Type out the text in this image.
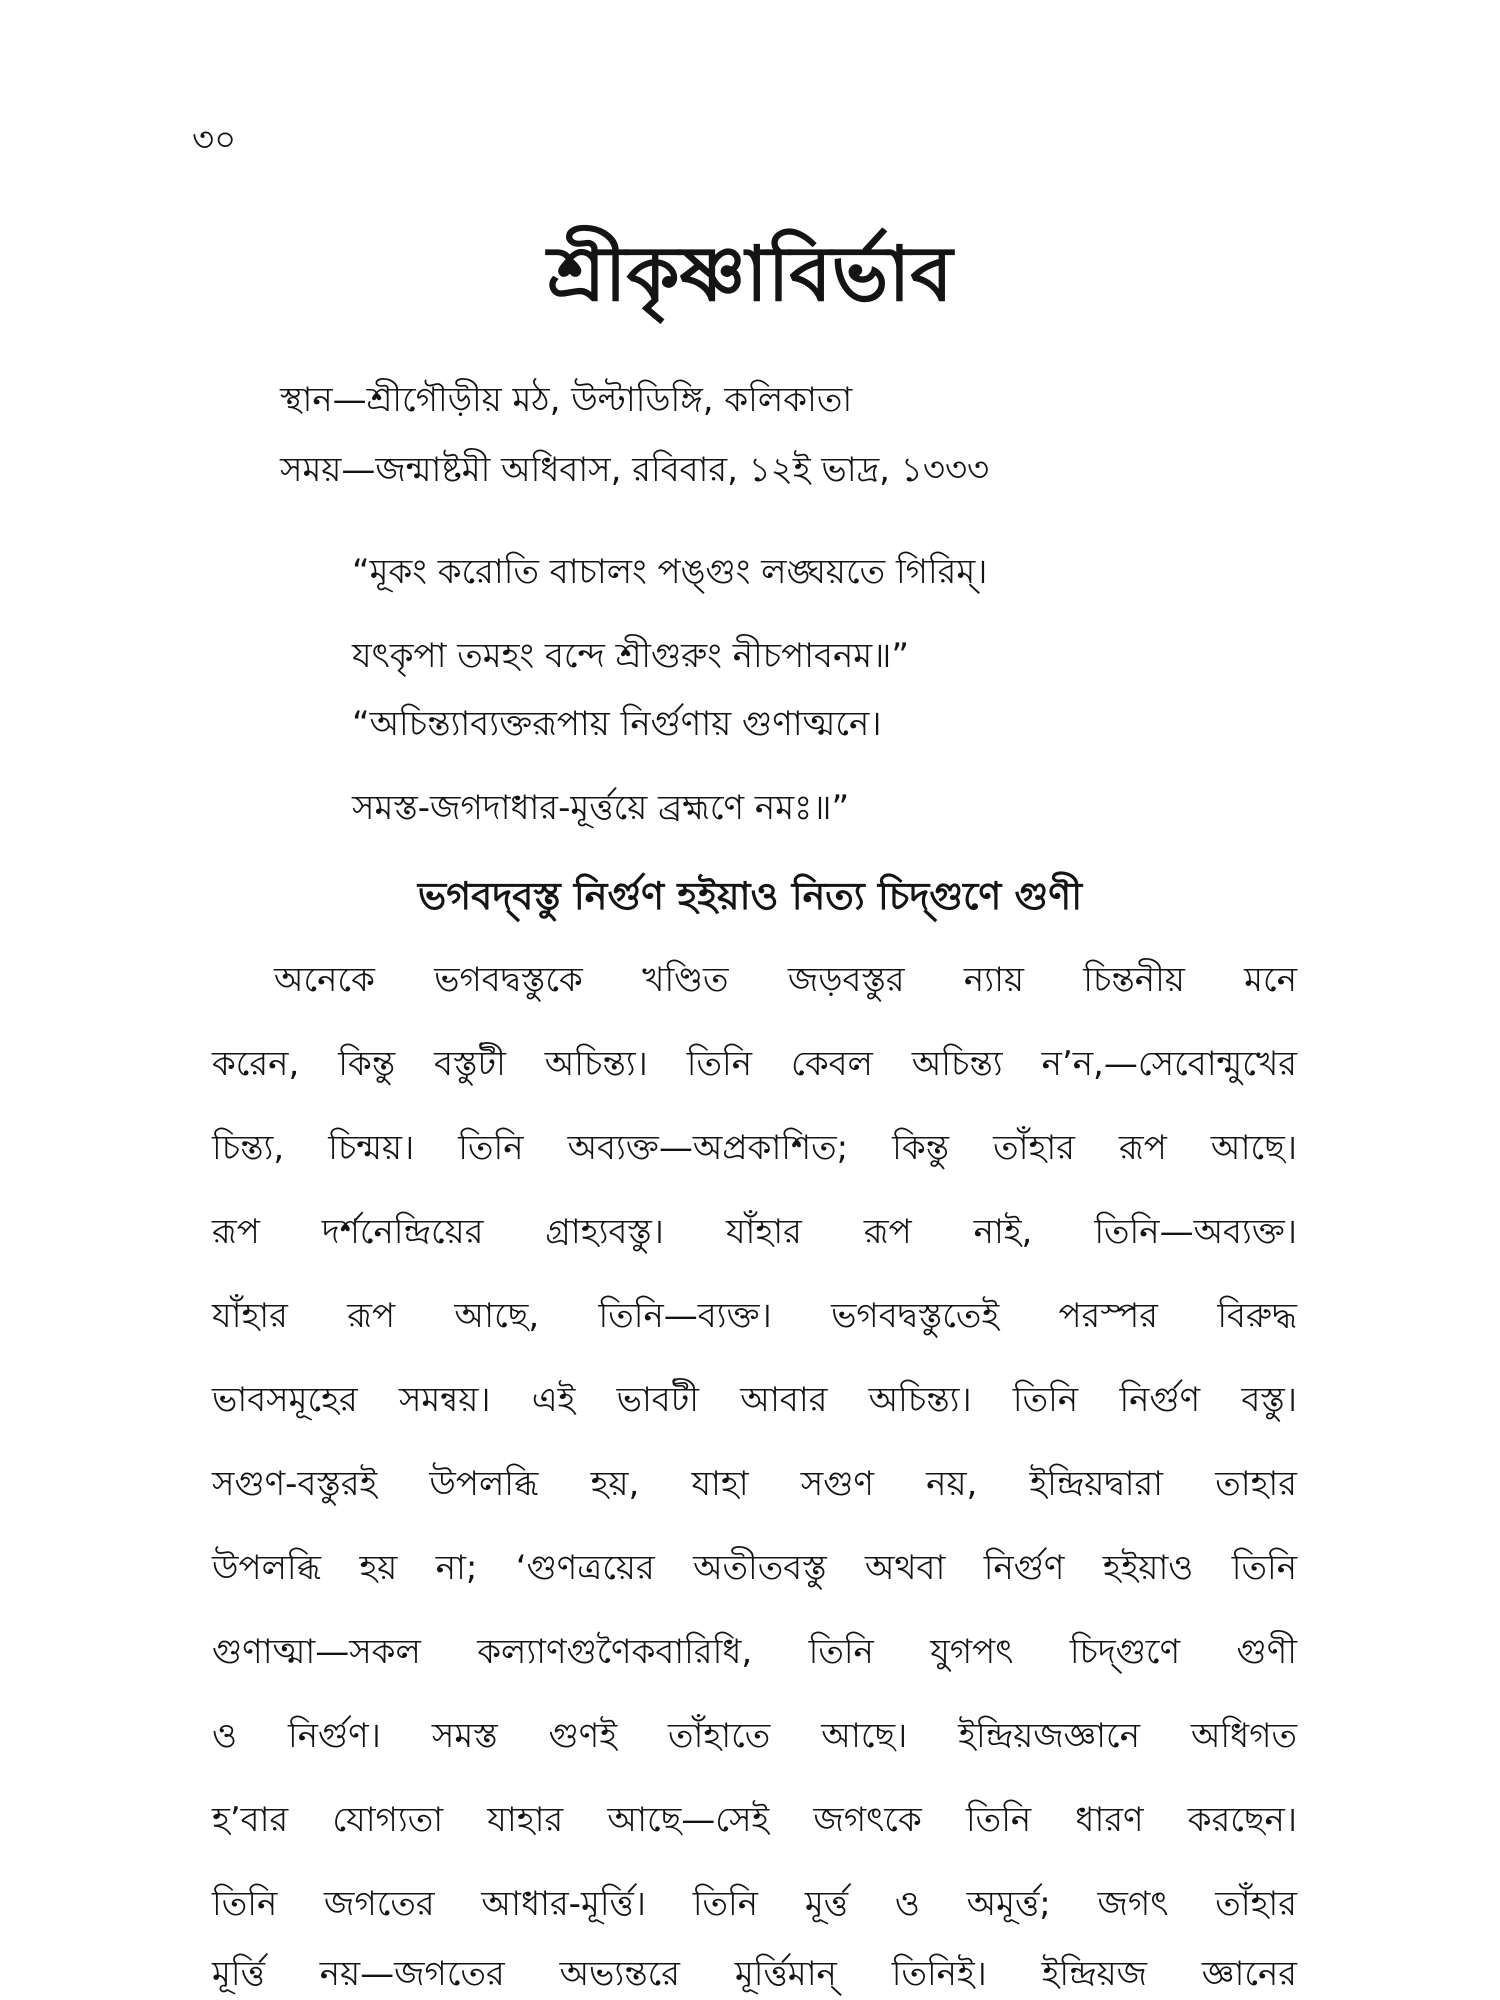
৩০
শ্রীকৃষ্ণাবির্ভাব
স্থান—শ্রীগৌড়ীয় মঠ, উল্টাডিঙ্গি, কলিকাতা
সময়—জন্মাষ্টমী অধিবাস, রবিবার, ১২ই ভাদ্র, ১৩৩৩
“মূকং করোতি বাচালং পঙ্গুং লঙ্ঘয়তে গিরিম্।
যৎকৃপা তমহং বন্দে শ্রীগুরুং নীচপাবনম॥”
“অচিন্ত্যাব্যক্তরূপায় নির্গুণায় গুণাত্মনে।
সমস্ত-জগদাধার-মূর্ত্তয়ে ব্রহ্মণে নমঃ॥”
ভগবদ্‌বস্তু নির্গুণ হইয়াও নিত্য চিদ্‌গুণে গুণী
অনেকে ভগবদ্বস্তুকে খণ্ডিত জড়বস্তুর ন্যায় চিন্তনীয় মনে
করেন, কিন্তু বস্তুটী অচিন্ত্য। তিনি কেবল অচিন্ত্য ন’ন,—সেবোন্মুখের
চিন্ত্য, চিন্ময়। তিনি অব্যক্ত—অপ্রকাশিত; কিন্তু তাঁহার রূপ আছে।
রূপ দর্শনেন্দ্রিয়ের গ্রাহ্যবস্তু। যাঁহার রূপ নাই, তিনি—অব্যক্ত।
যাঁহার রূপ আছে, তিনি—ব্যক্ত। ভগবদ্বস্তুতেই পরস্পর বিরুদ্ধ
ভাবসমূহের সমন্বয়। এই ভাবটী আবার অচিন্ত্য। তিনি নির্গুণ বস্তু।
সগুণ-বস্তুরই উপলব্ধি হয়, যাহা সগুণ নয়, ইন্দ্রিয়দ্বারা তাহার
উপলব্ধি হয় না; ‘গুণত্রয়ের অতীতবস্তু অথবা নির্গুণ হইয়াও তিনি
গুণাত্মা—সকল কল্যাণগুণৈকবারিধি, তিনি যুগপৎ চিদ্‌গুণে গুণী
ও নির্গুণ। সমস্ত গুণই তাঁহাতে আছে। ইন্দ্রিয়জজ্ঞানে অধিগত
হ’বার যোগ্যতা যাহার আছে—সেই জগৎকে তিনি ধারণ করছেন।
তিনি জগতের আধার-মূর্ত্তি। তিনি মূর্ত্ত ও অমূর্ত্ত; জগৎ তাঁহার
মূর্ত্তি নয়—জগতের অভ্যন্তরে মূর্ত্তিমান্ তিনিই। ইন্দ্রিয়জ জ্ঞানের
